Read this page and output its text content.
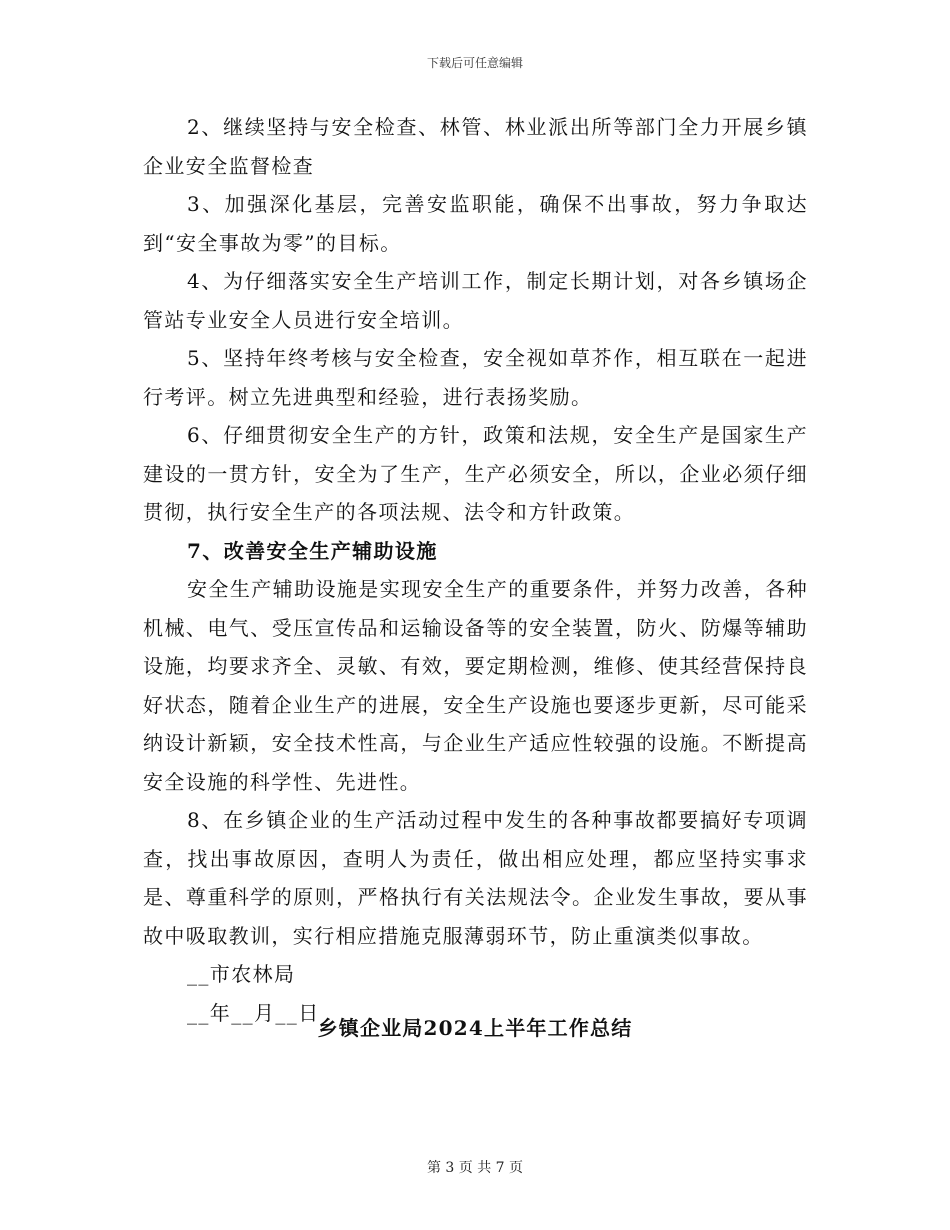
下载后可任意编辑

2、继续坚持与安全检查、林管、林业派出所等部门全力开展乡镇企业安全监督检查

3、加强深化基层，完善安监职能，确保不出事故，努力争取达到“安全事故为零”的目标。

4、为仔细落实安全生产培训工作，制定长期计划，对各乡镇场企管站专业安全人员进行安全培训。

5、坚持年终考核与安全检查，安全视如草芥作，相互联在一起进行考评。树立先进典型和经验，进行表扬奖励。

6、仔细贯彻安全生产的方针，政策和法规，安全生产是国家生产建设的一贯方针，安全为了生产，生产必须安全，所以，企业必须仔细贯彻，执行安全生产的各项法规、法令和方针政策。

7、改善安全生产辅助设施

安全生产辅助设施是实现安全生产的重要条件，并努力改善，各种机械、电气、受压宣传品和运输设备等的安全装置，防火、防爆等辅助设施，均要求齐全、灵敏、有效，要定期检测，维修、使其经营保持良好状态，随着企业生产的进展，安全生产设施也要逐步更新，尽可能采纳设计新颖，安全技术性高，与企业生产适应性较强的设施。不断提高安全设施的科学性、先进性。

8、在乡镇企业的生产活动过程中发生的各种事故都要搞好专项调查，找出事故原因，查明人为责任，做出相应处理，都应坚持实事求是、尊重科学的原则，严格执行有关法规法令。企业发生事故，要从事故中吸取教训，实行相应措施克服薄弱环节，防止重演类似事故。

__市农林局

__年__月__日

乡镇企业局2024上半年工作总结
第 3 页 共 7 页
